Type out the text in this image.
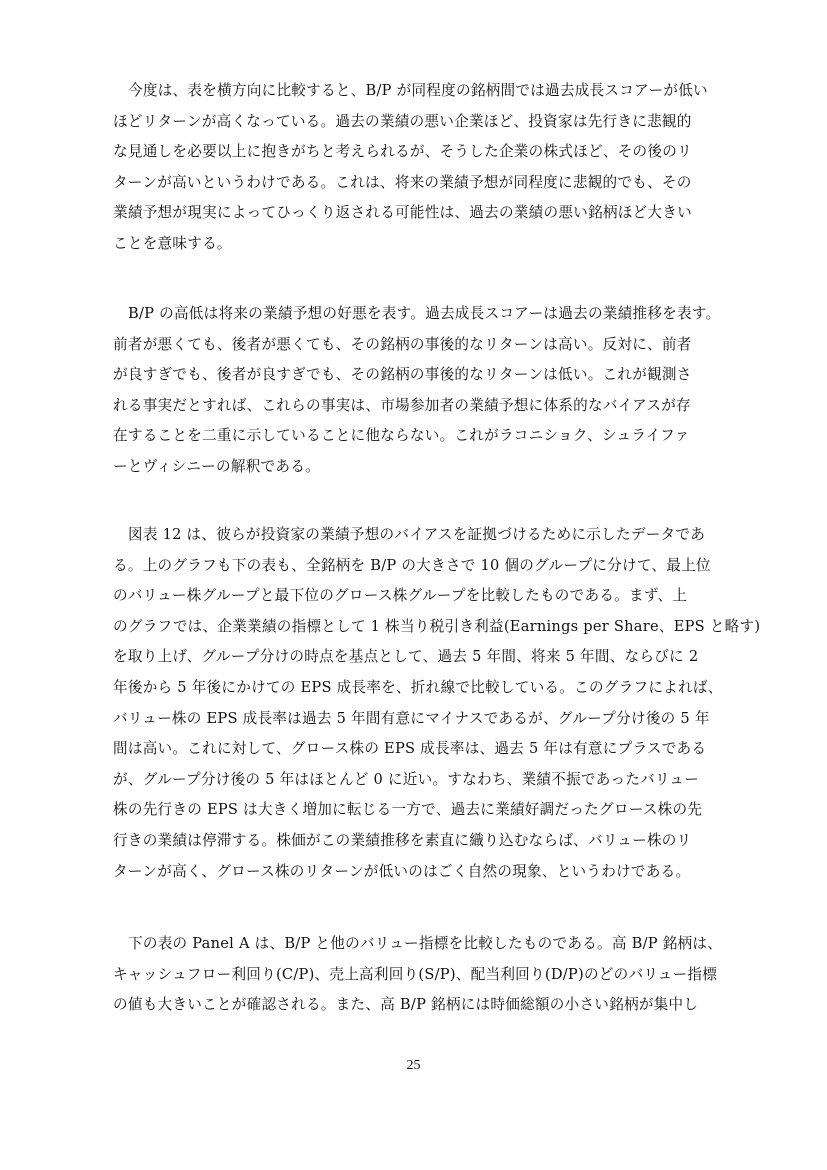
今度は、表を横方向に比較すると、B/P が同程度の銘柄間では過去成長スコアーが低い
ほどリターンが高くなっている。過去の業績の悪い企業ほど、投資家は先行きに悲観的
な見通しを必要以上に抱きがちと考えられるが、そうした企業の株式ほど、その後のリ
ターンが高いというわけである。これは、将来の業績予想が同程度に悲観的でも、その
業績予想が現実によってひっくり返される可能性は、過去の業績の悪い銘柄ほど大きい
ことを意味する。
B/P の高低は将来の業績予想の好悪を表す。過去成長スコアーは過去の業績推移を表す。
前者が悪くても、後者が悪くても、その銘柄の事後的なリターンは高い。反対に、前者
が良すぎでも、後者が良すぎでも、その銘柄の事後的なリターンは低い。これが観測さ
れる事実だとすれば、これらの事実は、市場参加者の業績予想に体系的なバイアスが存
在することを二重に示していることに他ならない。これがラコニショク、シュライファ
ーとヴィシニーの解釈である。
図表 12 は、彼らが投資家の業績予想のバイアスを証拠づけるために示したデータであ
る。上のグラフも下の表も、全銘柄を B/P の大きさで 10 個のグループに分けて、最上位
のバリュー株グループと最下位のグロース株グループを比較したものである。まず、上
のグラフでは、企業業績の指標として 1 株当り税引き利益(Earnings per Share、EPS と略す)
を取り上げ、グループ分けの時点を基点として、過去 5 年間、将来 5 年間、ならびに 2
年後から 5 年後にかけての EPS 成長率を、折れ線で比較している。このグラフによれば、
バリュー株の EPS 成長率は過去 5 年間有意にマイナスであるが、グループ分け後の 5 年
間は高い。これに対して、グロース株の EPS 成長率は、過去 5 年は有意にプラスである
が、グループ分け後の 5 年はほとんど 0 に近い。すなわち、業績不振であったバリュー
株の先行きの EPS は大きく増加に転じる一方で、過去に業績好調だったグロース株の先
行きの業績は停滞する。株価がこの業績推移を素直に織り込むならば、バリュー株のリ
ターンが高く、グロース株のリターンが低いのはごく自然の現象、というわけである。
下の表の Panel A は、B/P と他のバリュー指標を比較したものである。高 B/P 銘柄は、
キャッシュフロー利回り(C/P)、売上高利回り(S/P)、配当利回り(D/P)のどのバリュー指標
の値も大きいことが確認される。また、高 B/P 銘柄には時価総額の小さい銘柄が集中し
25
